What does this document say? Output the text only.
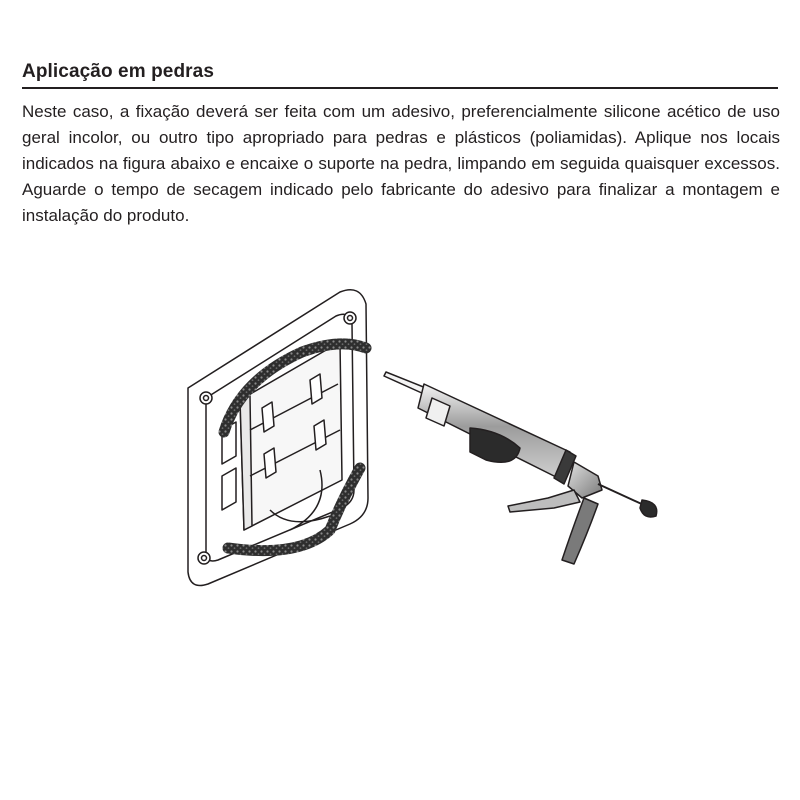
Aplicação em pedras

Neste caso, a fixação deverá ser feita com um adesivo, preferencialmente silicone acético de uso geral incolor, ou outro tipo apropriado para pedras e plásticos (poliamidas). Aplique nos locais indicados na figura abaixo e encaixe o suporte na pedra, limpando em seguida quaisquer excessos. Aguarde o tempo de secagem indicado pelo fabricante do adesivo para finalizar a montagem e instalação do produto.
